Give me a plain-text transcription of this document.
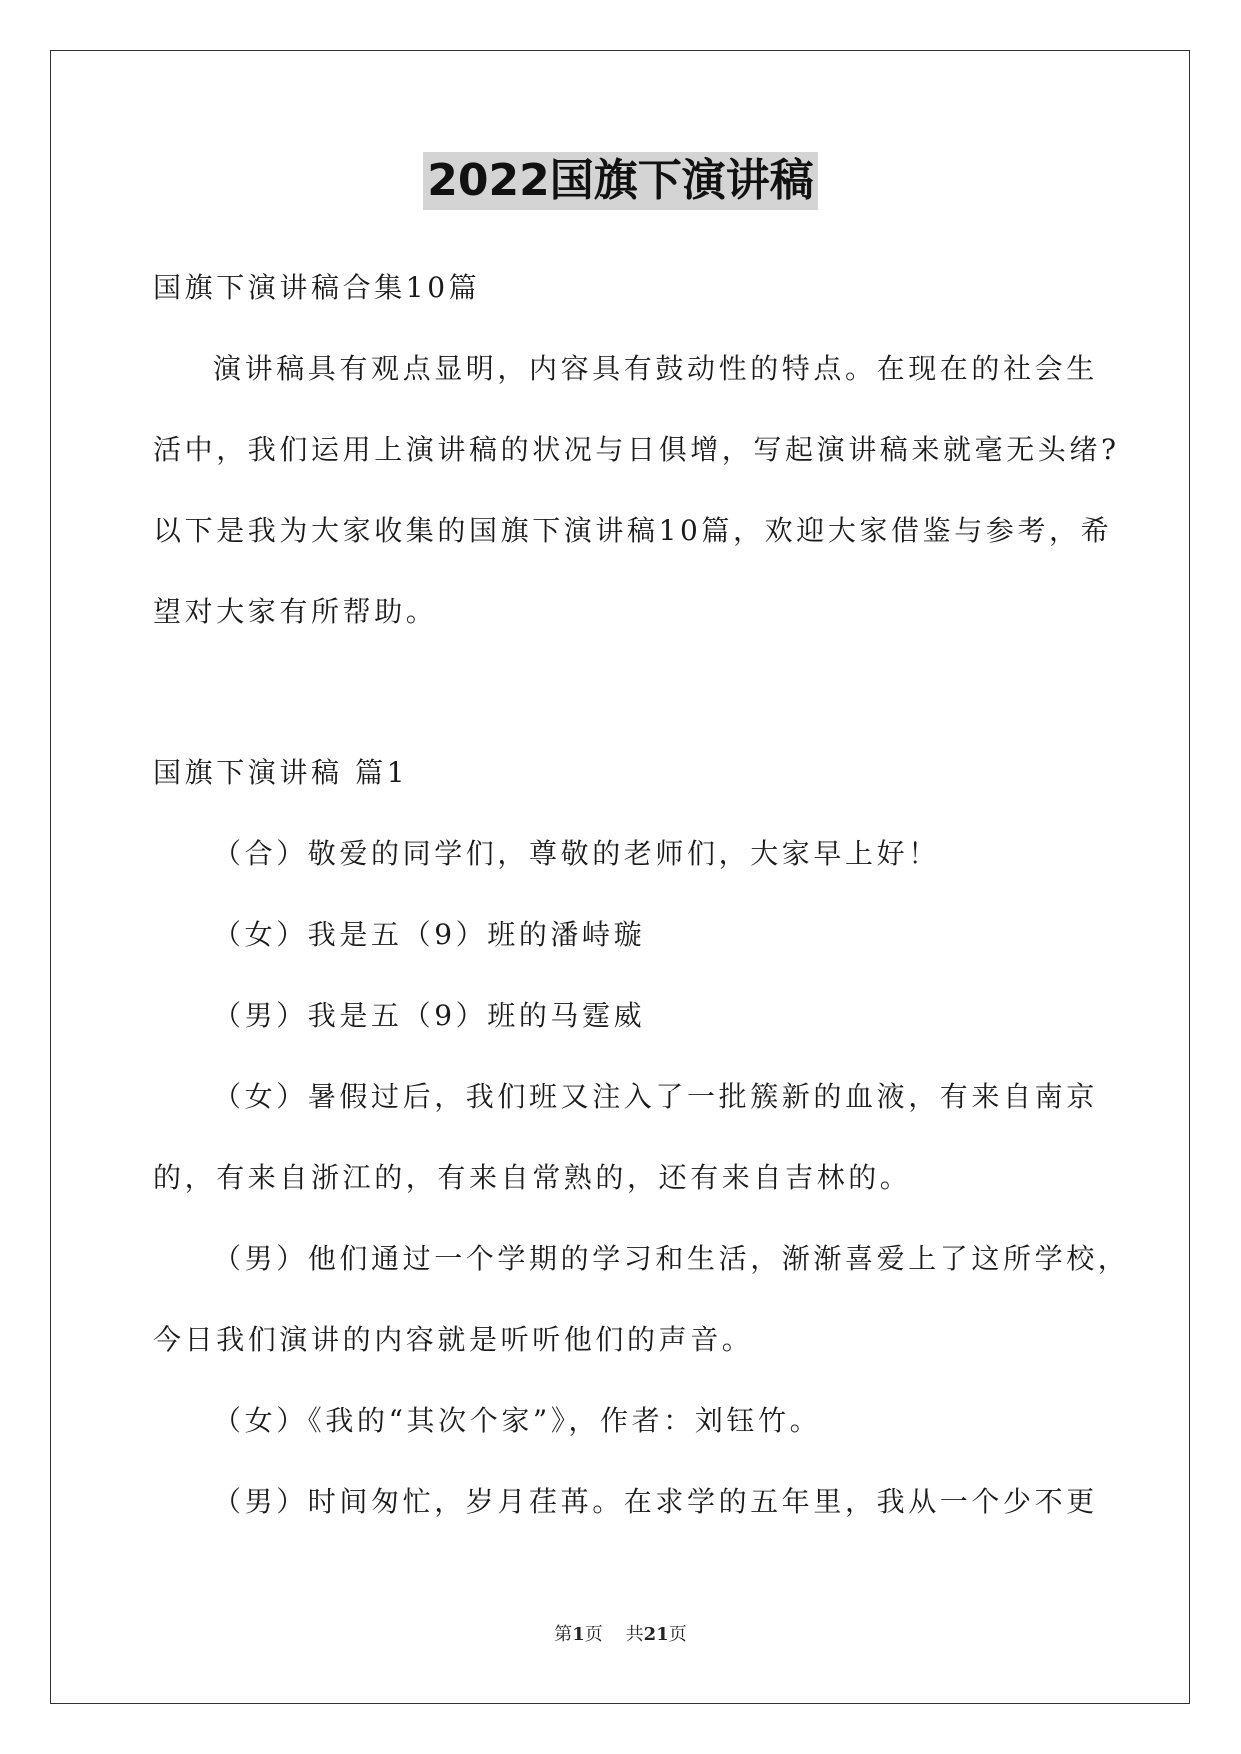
2022国旗下演讲稿
国旗下演讲稿合集10篇
演讲稿具有观点显明，内容具有鼓动性的特点。在现在的社会生
活中，我们运用上演讲稿的状况与日俱增，写起演讲稿来就毫无头绪?
以下是我为大家收集的国旗下演讲稿10篇，欢迎大家借鉴与参考，希
望对大家有所帮助。
国旗下演讲稿 篇1
（合）敬爱的同学们，尊敬的老师们，大家早上好！
（女）我是五（9）班的潘峙璇
（男）我是五（9）班的马霆威
（女）暑假过后，我们班又注入了一批簇新的血液，有来自南京
的，有来自浙江的，有来自常熟的，还有来自吉林的。
（男）他们通过一个学期的学习和生活，渐渐喜爱上了这所学校，
今日我们演讲的内容就是听听他们的声音。
（女）《我的“其次个家”》，作者：刘钰竹。
（男）时间匆忙，岁月荏苒。在求学的五年里，我从一个少不更
第1页    共21页
